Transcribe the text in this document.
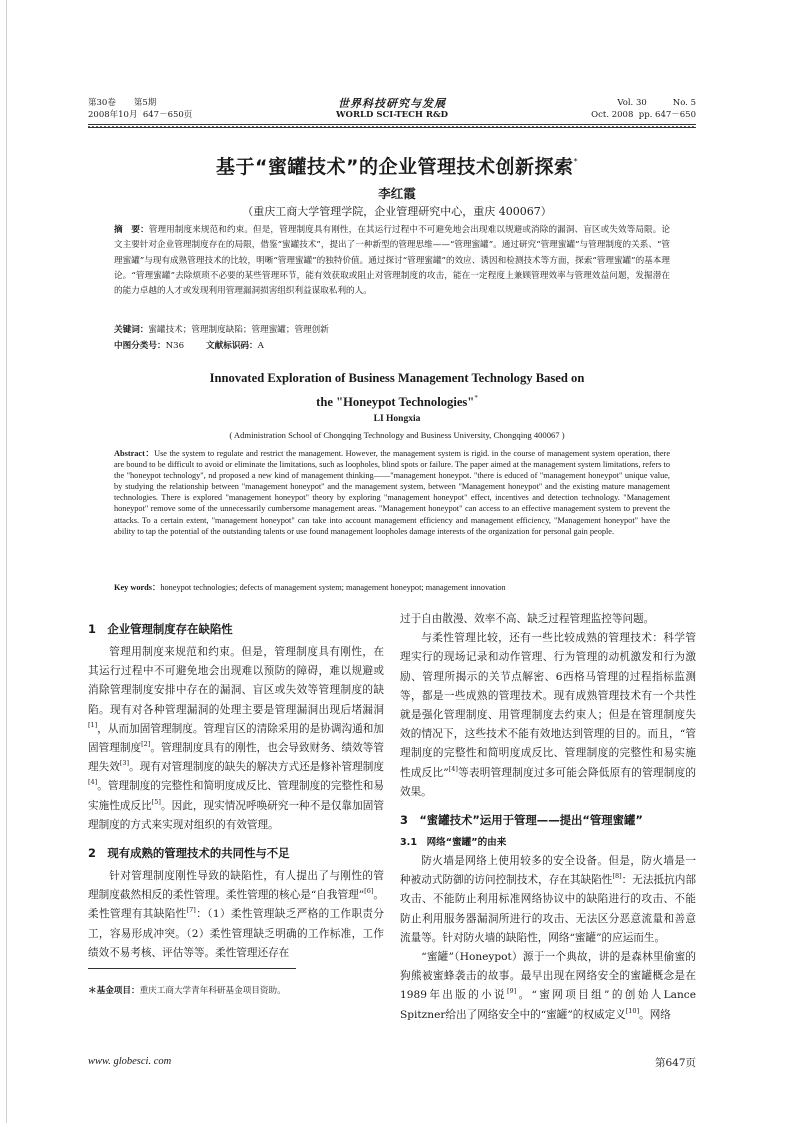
第30卷 第5期
2008年10月 647－650页
世界科技研究与发展
WORLD SCI-TECH R&D
Vol. 30	No. 5
Oct. 2008 pp. 647－650
基于“蜜罐技术”的企业管理技术创新探索*
李红霞
（重庆工商大学管理学院，企业管理研究中心，重庆 400067）
摘　要：管理用制度来规范和约束。但是，管理制度具有刚性，在其运行过程中不可避免地会出现难以规避或消除的漏洞、盲区或失效等局限。论文主要针对企业管理制度存在的局限，借鉴“蜜罐技术”，提出了一种新型的管理思维——“管理蜜罐”。通过研究“管理蜜罐”与管理制度的关系、“管理蜜罐”与现有成熟管理技术的比较，明晰“管理蜜罐”的独特价值。通过探讨“管理蜜罐”的效应、诱因和检测技术等方面，探索“管理蜜罐”的基本理论。“管理蜜罐”去除烦琐不必要的某些管理环节，能有效获取或阻止对管理制度的攻击，能在一定程度上兼顾管理效率与管理效益问题，发掘潜在的能力卓越的人才或发现利用管理漏洞损害组织利益谋取私利的人。
关键词：蜜罐技术；管理制度缺陷；管理蜜罐；管理创新
中图分类号：N36	文献标识码：A
Innovated Exploration of Business Management Technology Based on
the "Honeypot Technologies"*
LI Hongxia
( Administration School of Chongqing Technology and Business University, Chongqing 400067 )
Abstract：Use the system to regulate and restrict the management. However, the management system is rigid. in the course of management system operation, there are bound to be difficult to avoid or eliminate the limitations, such as loopholes, blind spots or failure. The paper aimed at the management system limitations, refers to the "honeypot technology", nd proposed a new kind of management thinking——"management honeypot. "there is educed of "management honeypot" unique value, by studying the relationship between "management honeypot" and the management system, between "Management honeypot" and the existing mature management technologies. There is explored "management honeypot" theory by exploring "management honeypot" effect, incentives and detection technology. "Management honeypot" remove some of the unnecessarily cumbersome management areas. "Management honeypot" can access to an effective management system to prevent the attacks. To a certain extent, "management honeypot" can take into account management efficiency and management efficiency, "Management honeypot" have the ability to tap the potential of the outstanding talents or use found management loopholes damage interests of the organization for personal gain people.
Key words：honeypot technologies; defects of management system; management honeypot; management innovation
1　企业管理制度存在缺陷性

管理用制度来规范和约束。但是，管理制度具有刚性，在其运行过程中不可避免地会出现难以预防的障碍，难以规避或消除管理制度安排中存在的漏洞、盲区或失效等管理制度的缺陷。现有对各种管理漏洞的处理主要是管理漏洞出现后堵漏洞[1]，从而加固管理制度。管理盲区的清除采用的是协调沟通和加固管理制度[2]。管理制度具有的刚性，也会导致财务、绩效等管理失效[3]。现有对管理制度的缺失的解决方式还是修补管理制度[4]。管理制度的完整性和简明度成反比、管理制度的完整性和易实施性成反比[5]。因此，现实情况呼唤研究一种不是仅靠加固管理制度的方式来实现对组织的有效管理。

2　现有成熟的管理技术的共同性与不足

针对管理制度刚性导致的缺陷性，有人提出了与刚性的管理制度截然相反的柔性管理。柔性管理的核心是“自我管理”[6]。柔性管理有其缺陷性[7]：（1）柔性管理缺乏严格的工作职责分工，容易形成冲突。（2）柔性管理缺乏明确的工作标准，工作绩效不易考核、评估等等。柔性管理还存在

过于自由散漫、效率不高、缺乏过程管理监控等问题。

与柔性管理比较，还有一些比较成熟的管理技术：科学管理实行的现场记录和动作管理、行为管理的动机激发和行为激励、管理所揭示的关节点解密、6西格马管理的过程指标监测等，都是一些成熟的管理技术。现有成熟管理技术有一个共性就是强化管理制度、用管理制度去约束人；但是在管理制度失效的情况下，这些技术不能有效地达到管理的目的。而且，“管理制度的完整性和简明度成反比、管理制度的完整性和易实施性成反比”[4]等表明管理制度过多可能会降低原有的管理制度的效果。

3　“蜜罐技术”运用于管理——提出“管理蜜罐”
3.1　网络“蜜罐”的由来

防火墙是网络上使用较多的安全设备。但是，防火墙是一种被动式防御的访问控制技术，存在其缺陷性[8]：无法抵抗内部攻击、不能防止利用标准网络协议中的缺陷进行的攻击、不能防止利用服务器漏洞所进行的攻击、无法区分恶意流量和善意流量等。针对防火墙的缺陷性，网络“蜜罐”的应运而生。

“蜜罐”（Honeypot）源于一个典故，讲的是森林里偷蜜的狗熊被蜜蜂袭击的故事。最早出现在网络安全的蜜罐概念是在1989年出版的小说[9]。“蜜网项目组”的创始人Lance Spitzner给出了网络安全中的“蜜罐”的权威定义[10]。网络

＊基金项目：重庆工商大学青年科研基金项目资助。
www. globesci. com	第647页
